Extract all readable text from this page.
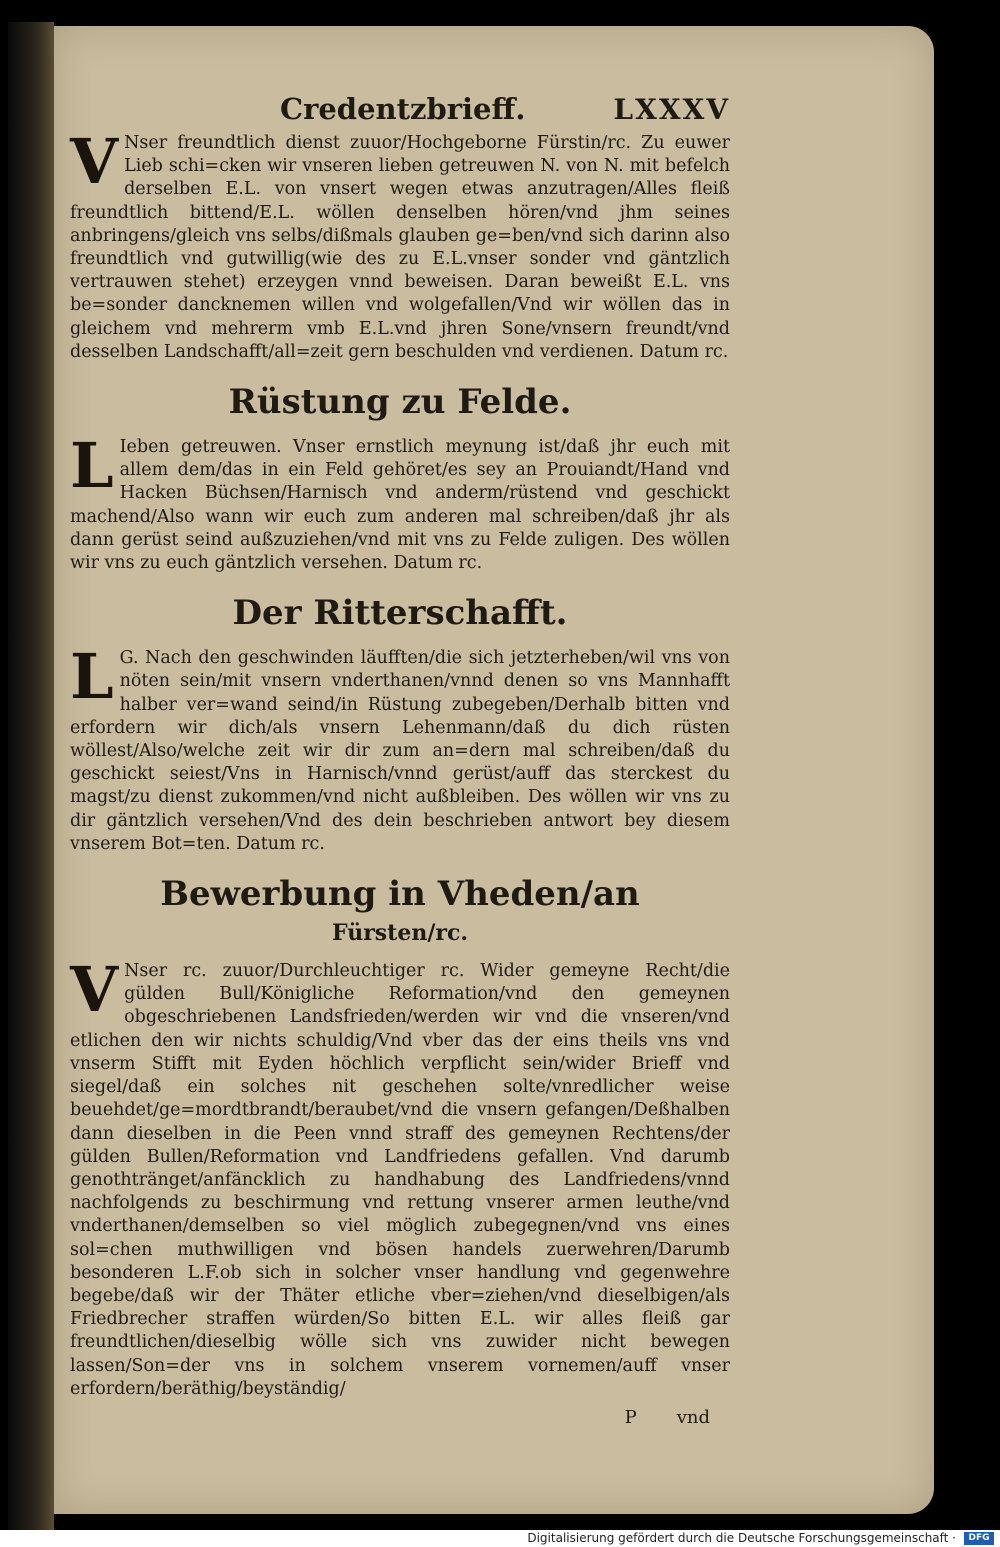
Credentzbrieff.	LXXXV

V Nser freundtlich dienst zuuor/Hochgeborne Fürstin/rc. Zu euwer Lieb schi=cken wir vnseren lieben getreuwen N. von N. mit befelch derselben E.L. von vnsert wegen etwas anzutragen/Alles fleiß freundtlich bittend/E.L. wöllen denselben hören/vnd jhm seines anbringens/gleich vns selbs/dißmals glauben ge=ben/vnd sich darinn also freundtlich vnd gutwillig(wie des zu E.L.vnser sonder vnd gäntzlich vertrauwen stehet) erzeygen vnnd beweisen. Daran beweißt E.L. vns be=sonder dancknemen willen vnd wolgefallen/Vnd wir wöllen das in gleichem vnd mehrerm vmb E.L.vnd jhren Sone/vnsern freundt/vnd desselben Landschafft/all=zeit gern beschulden vnd verdienen. Datum rc.

Rüstung zu Felde.

L Ieben getreuwen. Vnser ernstlich meynung ist/daß jhr euch mit allem dem/das in ein Feld gehöret/es sey an Prouiandt/Hand vnd Hacken Büchsen/Harnisch vnd anderm/rüstend vnd geschickt machend/Also wann wir euch zum anderen mal schreiben/daß jhr als dann gerüst seind außzuziehen/vnd mit vns zu Felde zuligen. Des wöllen wir vns zu euch gäntzlich versehen. Datum rc.

Der Ritterschafft.

L G. Nach den geschwinden läufften/die sich jetzterheben/wil vns von nöten sein/mit vnsern vnderthanen/vnnd denen so vns Mannhafft halber ver=wand seind/in Rüstung zubegeben/Derhalb bitten vnd erfordern wir dich/als vnsern Lehenmann/daß du dich rüsten wöllest/Also/welche zeit wir dir zum an=dern mal schreiben/daß du geschickt seiest/Vns in Harnisch/vnnd gerüst/auff das sterckest du magst/zu dienst zukommen/vnd nicht außbleiben. Des wöllen wir vns zu dir gäntzlich versehen/Vnd des dein beschrieben antwort bey diesem vnserem Bot=ten. Datum rc.

Bewerbung in Vheden/an
Fürsten/rc.

V Nser rc. zuuor/Durchleuchtiger rc. Wider gemeyne Recht/die gülden Bull/Königliche Reformation/vnd den gemeynen obgeschriebenen Landsfrieden/werden wir vnd die vnseren/vnd etlichen den wir nichts schuldig/Vnd vber das der eins theils vns vnd vnserm Stifft mit Eyden höchlich verpflicht sein/wider Brieff vnd siegel/daß ein solches nit geschehen solte/vnredlicher weise beuehdet/ge=mordtbrandt/beraubet/vnd die vnsern gefangen/Deßhalben dann dieselben in die Peen vnnd straff des gemeynen Rechtens/der gülden Bullen/Reformation vnd Landfriedens gefallen. Vnd darumb genothtränget/anfäncklich zu handhabung des Landfriedens/vnnd nachfolgends zu beschirmung vnd rettung vnserer armen leuthe/vnd vnderthanen/demselben so viel möglich zubegegnen/vnd vns eines sol=chen muthwilligen vnd bösen handels zuerwehren/Darumb besonderen L.F.ob sich in solcher vnser handlung vnd gegenwehre begebe/daß wir der Thäter etliche vber=ziehen/vnd dieselbigen/als Friedbrecher straffen würden/So bitten E.L. wir alles fleiß gar freundtlichen/dieselbig wölle sich vns zuwider nicht bewegen lassen/Son=der vns in solchem vnserem vornemen/auff vnser erfordern/beräthig/beyständig/

P vnd
Digitalisierung gefördert durch die Deutsche Forschungsgemeinschaft ·	DFG
